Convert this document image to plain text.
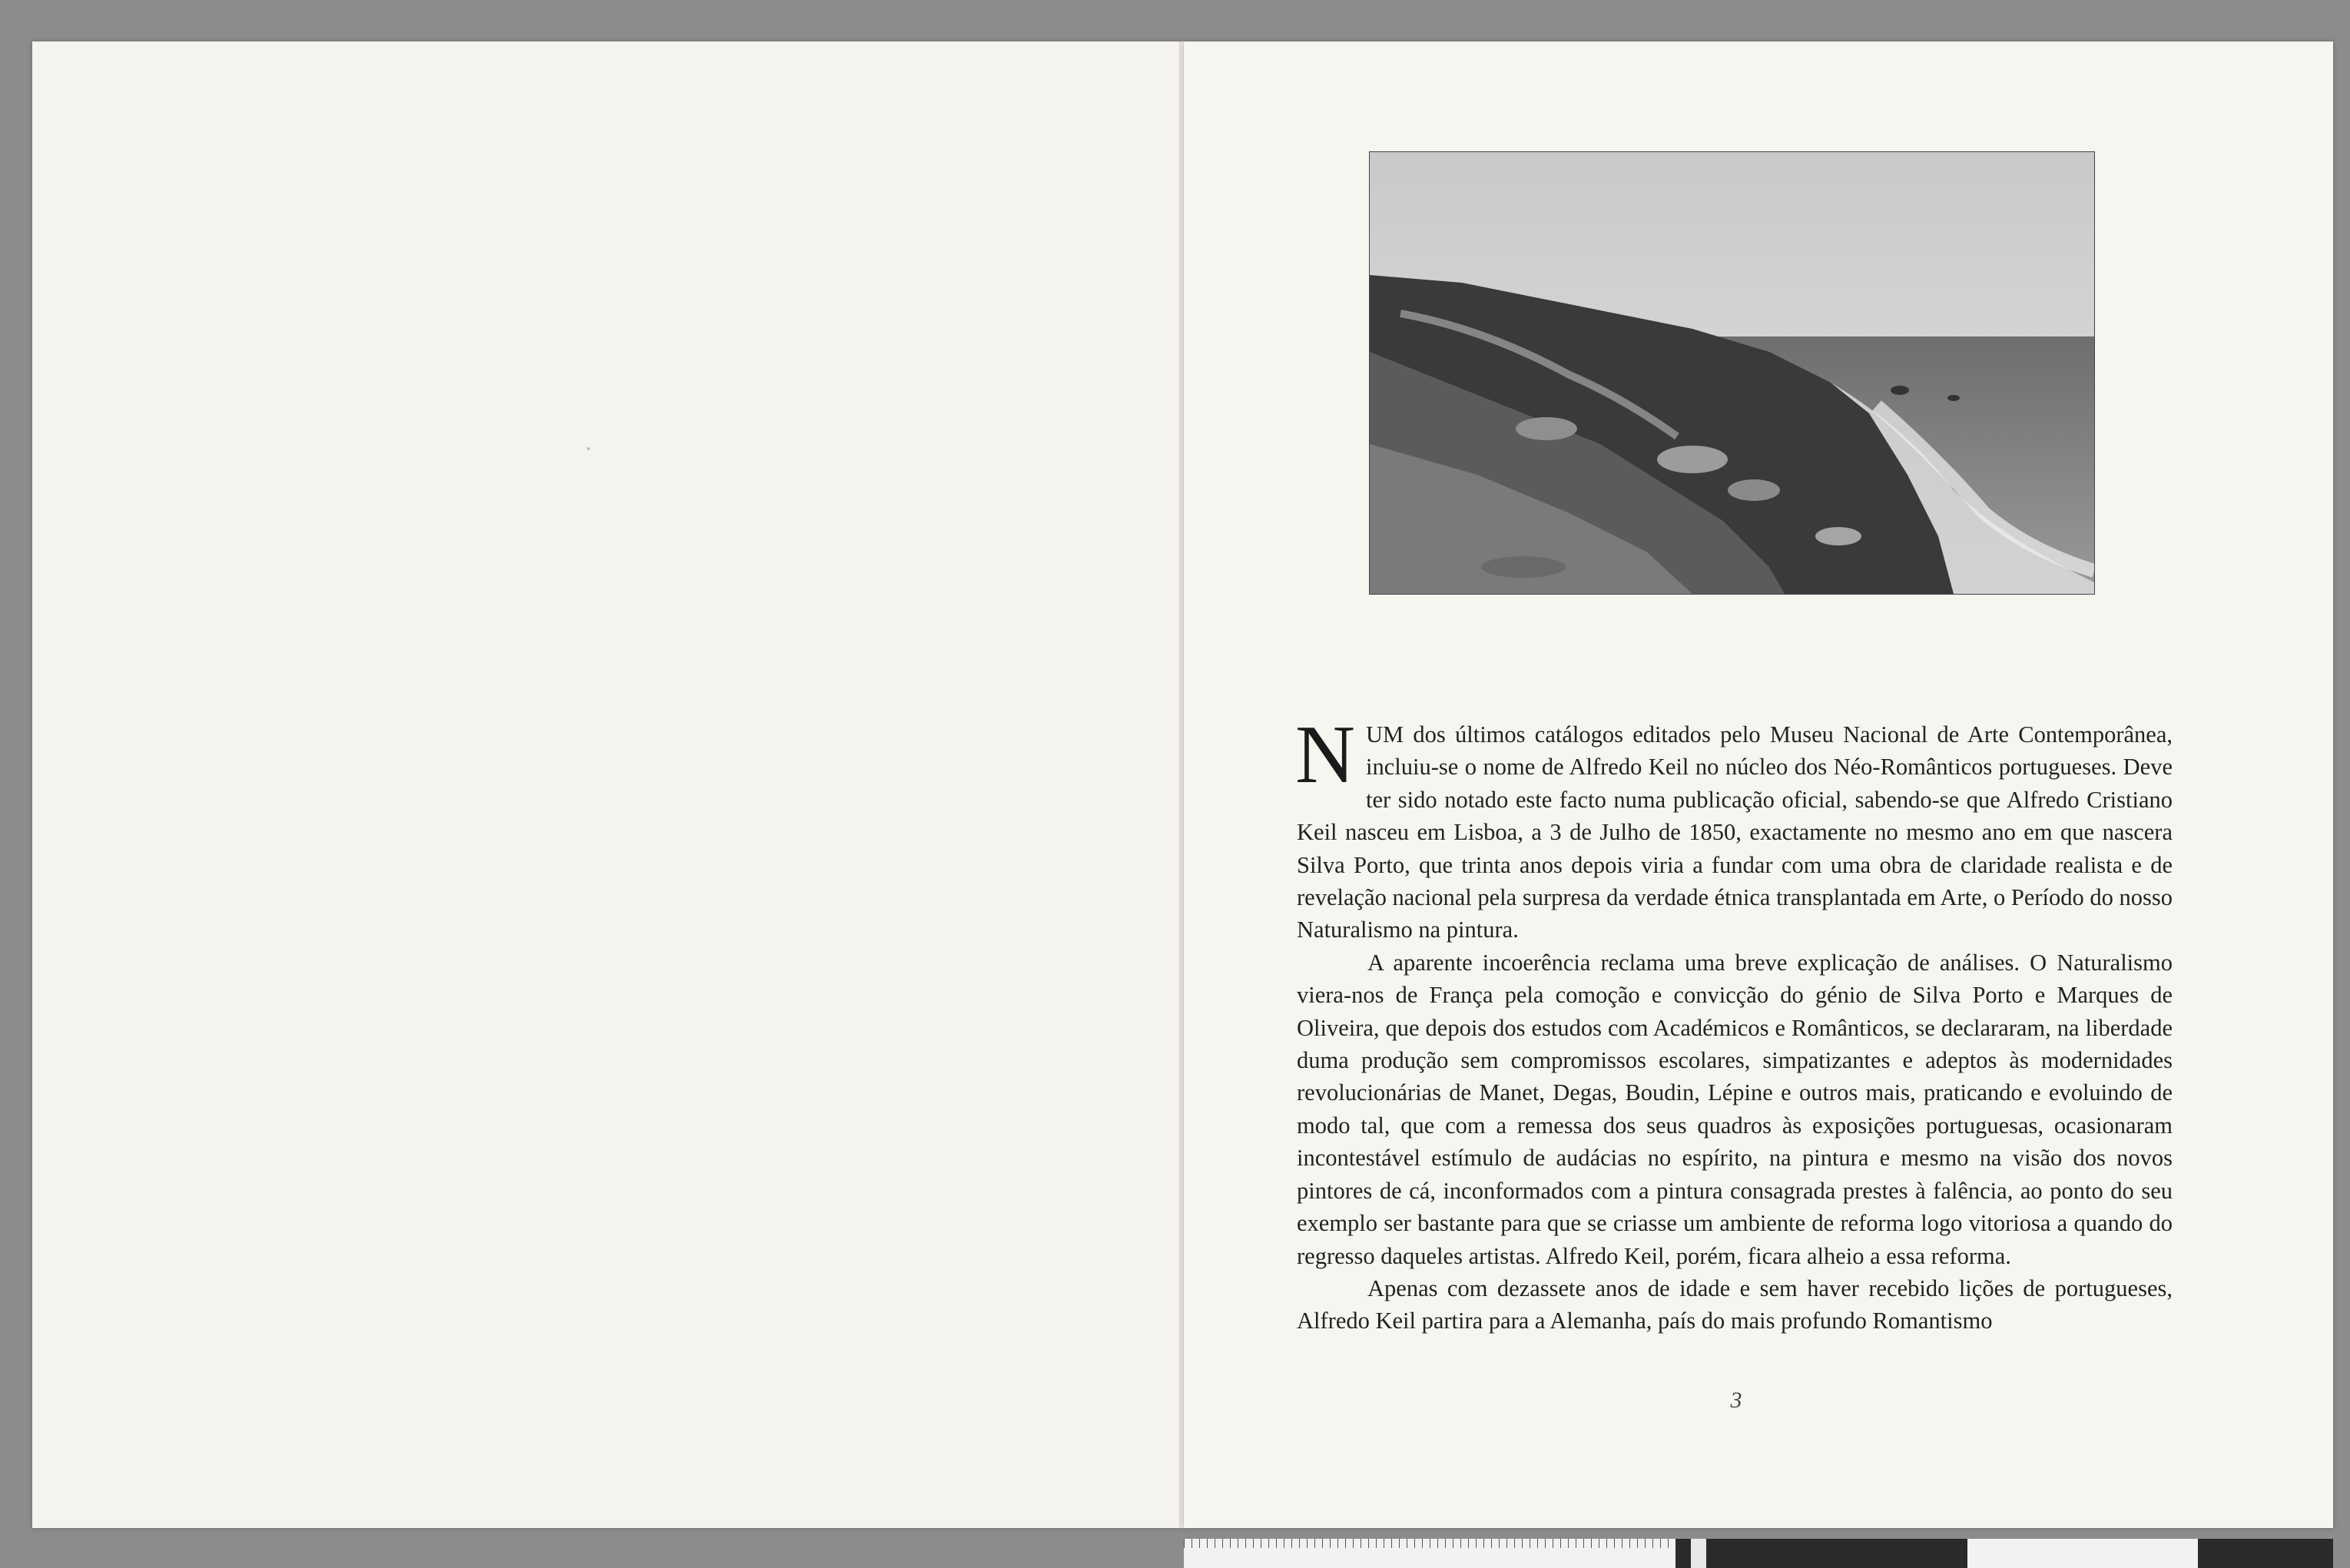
NUM dos últimos catálogos editados pelo Museu Nacional de Arte Contemporânea, incluiu-se o nome de Alfredo Keil no núcleo dos Néo-Românticos portugueses. Deve ter sido notado este facto numa publicação oficial, sabendo-se que Alfredo Cristiano Keil nasceu em Lisboa, a 3 de Julho de 1850, exactamente no mesmo ano em que nascera Silva Porto, que trinta anos depois viria a fundar com uma obra de claridade realista e de revelação nacional pela surpresa da verdade étnica transplantada em Arte, o Período do nosso Naturalismo na pintura.

A aparente incoerência reclama uma breve explicação de análises. O Naturalismo viera-nos de França pela comoção e convicção do génio de Silva Porto e Marques de Oliveira, que depois dos estudos com Académicos e Românticos, se declararam, na liberdade duma produção sem compromissos escolares, simpatizantes e adeptos às modernidades revolucionárias de Manet, Degas, Boudin, Lépine e outros mais, praticando e evoluindo de modo tal, que com a remessa dos seus quadros às exposições portuguesas, ocasionaram incontestável estímulo de audácias no espírito, na pintura e mesmo na visão dos novos pintores de cá, inconformados com a pintura consagrada prestes à falência, ao ponto do seu exemplo ser bastante para que se criasse um ambiente de reforma logo vitoriosa a quando do regresso daqueles artistas. Alfredo Keil, porém, ficara alheio a essa reforma.

Apenas com dezassete anos de idade e sem haver recebido lições de portugueses, Alfredo Keil partira para a Alemanha, país do mais profundo Romantismo

3
